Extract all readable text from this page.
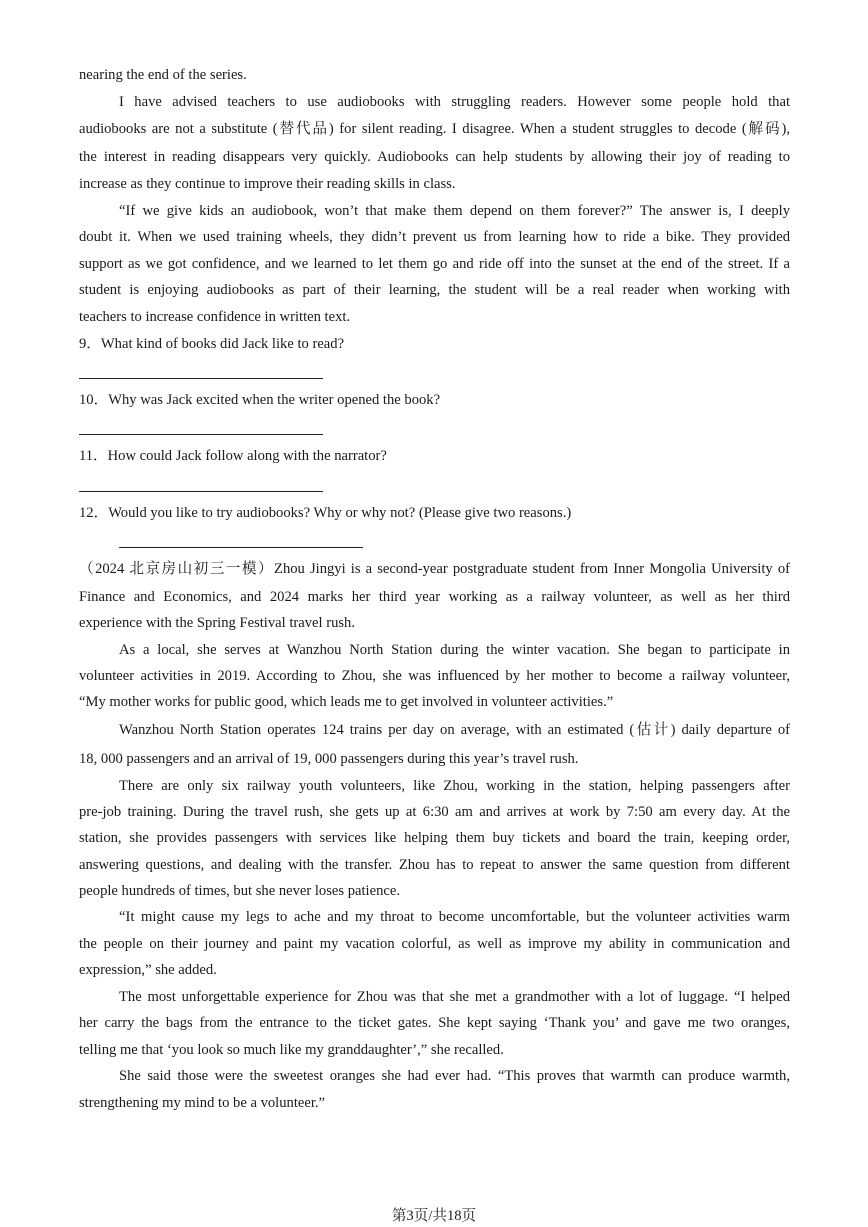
nearing the end of the series.
I have advised teachers to use audiobooks with struggling readers. However some people hold that
audiobooks are not a substitute (替代品) for silent reading. I disagree. When a student struggles to decode (解码),
the interest in reading disappears very quickly. Audiobooks can help students by allowing their joy of reading to
increase as they continue to improve their reading skills in class.
“If we give kids an audiobook, won’t that make them depend on them forever?” The answer is, I deeply
doubt it. When we used training wheels, they didn’t prevent us from learning how to ride a bike. They provided
support as we got confidence, and we learned to let them go and ride off into the sunset at the end of the street. If a
student is enjoying audiobooks as part of their learning, the student will be a real reader when working with
teachers to increase confidence in written text.
9．What kind of books did Jack like to read?
10．Why was Jack excited when the writer opened the book?
11．How could Jack follow along with the narrator?
12．Would you like to try audiobooks? Why or why not? (Please give two reasons.)
（2024 北京房山初三一模）Zhou Jingyi is a second-year postgraduate student from Inner Mongolia University of
Finance and Economics, and 2024 marks her third year working as a railway volunteer, as well as her third
experience with the Spring Festival travel rush.
As a local, she serves at Wanzhou North Station during the winter vacation. She began to participate in
volunteer activities in 2019. According to Zhou, she was influenced by her mother to become a railway volunteer,
“My mother works for public good, which leads me to get involved in volunteer activities.”
Wanzhou North Station operates 124 trains per day on average, with an estimated (估计) daily departure of
18, 000 passengers and an arrival of 19, 000 passengers during this year’s travel rush.
There are only six railway youth volunteers, like Zhou, working in the station, helping passengers after
pre-job training. During the travel rush, she gets up at 6:30 am and arrives at work by 7:50 am every day. At the
station, she provides passengers with services like helping them buy tickets and board the train, keeping order,
answering questions, and dealing with the transfer. Zhou has to repeat to answer the same question from different
people hundreds of times, but she never loses patience.
“It might cause my legs to ache and my throat to become uncomfortable, but the volunteer activities warm
the people on their journey and paint my vacation colorful, as well as improve my ability in communication and
expression,” she added.
The most unforgettable experience for Zhou was that she met a grandmother with a lot of luggage. “I helped
her carry the bags from the entrance to the ticket gates. She kept saying ‘Thank you’ and gave me two oranges,
telling me that ‘you look so much like my granddaughter’,” she recalled.
She said those were the sweetest oranges she had ever had. “This proves that warmth can produce warmth,
strengthening my mind to be a volunteer.”
第3页/共18页
